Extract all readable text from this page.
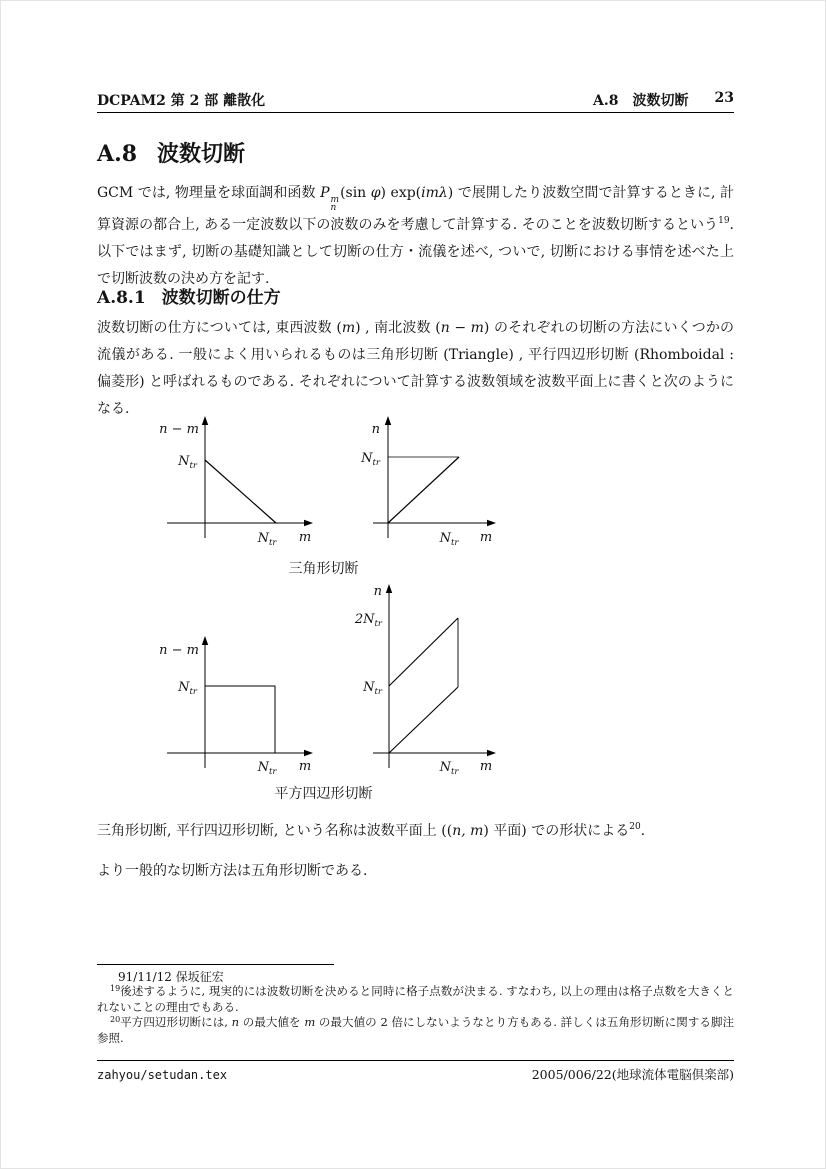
DCPAM2 第 2 部 離散化	A.8　波数切断 23
A.8 波数切断

GCM では, 物理量を球面調和函数 P m
n
(sin φ) exp(imλ) で展開したり波数空間で計算するときに, 計算資源の都合上, ある一定波数以下の波数のみを考慮して計算する. そのことを波数切断するという$^{19}$.　 以下ではまず, 切断の基礎知識として切断の仕方・流儀を述べ, ついで, 切断における事情を述べた上で切断波数の決め方を記す.

A.8.1 波数切断の仕方

波数切断の仕方については, 東西波数 (m) , 南北波数 (n − m) のそれぞれの切断の方法にいくつかの流儀がある. 一般によく用いられるものは三角形切断 (Triangle) , 平行四辺形切断 (Rhomboidal : 偏菱形) と呼ばれるものである. それぞれについて計算する波数領域を波数平面上に書くと次のようになる.

n − m
$N_{tr}$
$N_{tr}$ m
n
$N_{tr}$
$N_{tr}$ m
三角形切断
n − m
$N_{tr}$
$N_{tr}$ m
n
$2N_{tr}$
$N_{tr}$
$N_{tr}$ m
平方四辺形切断

三角形切断, 平行四辺形切断, という名称は波数平面上 ((n, m) 平面) での形状による$^{20}$.

より一般的な切断方法は五角形切断である.

91/11/12 保坂征宏

$^{19}$後述するように, 現実的には波数切断を決めると同時に格子点数が決まる. すなわち, 以上の理由は格子点数を大きくとれないことの理由でもある.

$^{20}$平方四辺形切断には, n の最大値を m の最大値の 2 倍にしないようなとり方もある. 詳しくは五角形切断に関する脚注参照.

zahyou/setudan.tex	2005/006/22(地球流体電脳倶楽部)
